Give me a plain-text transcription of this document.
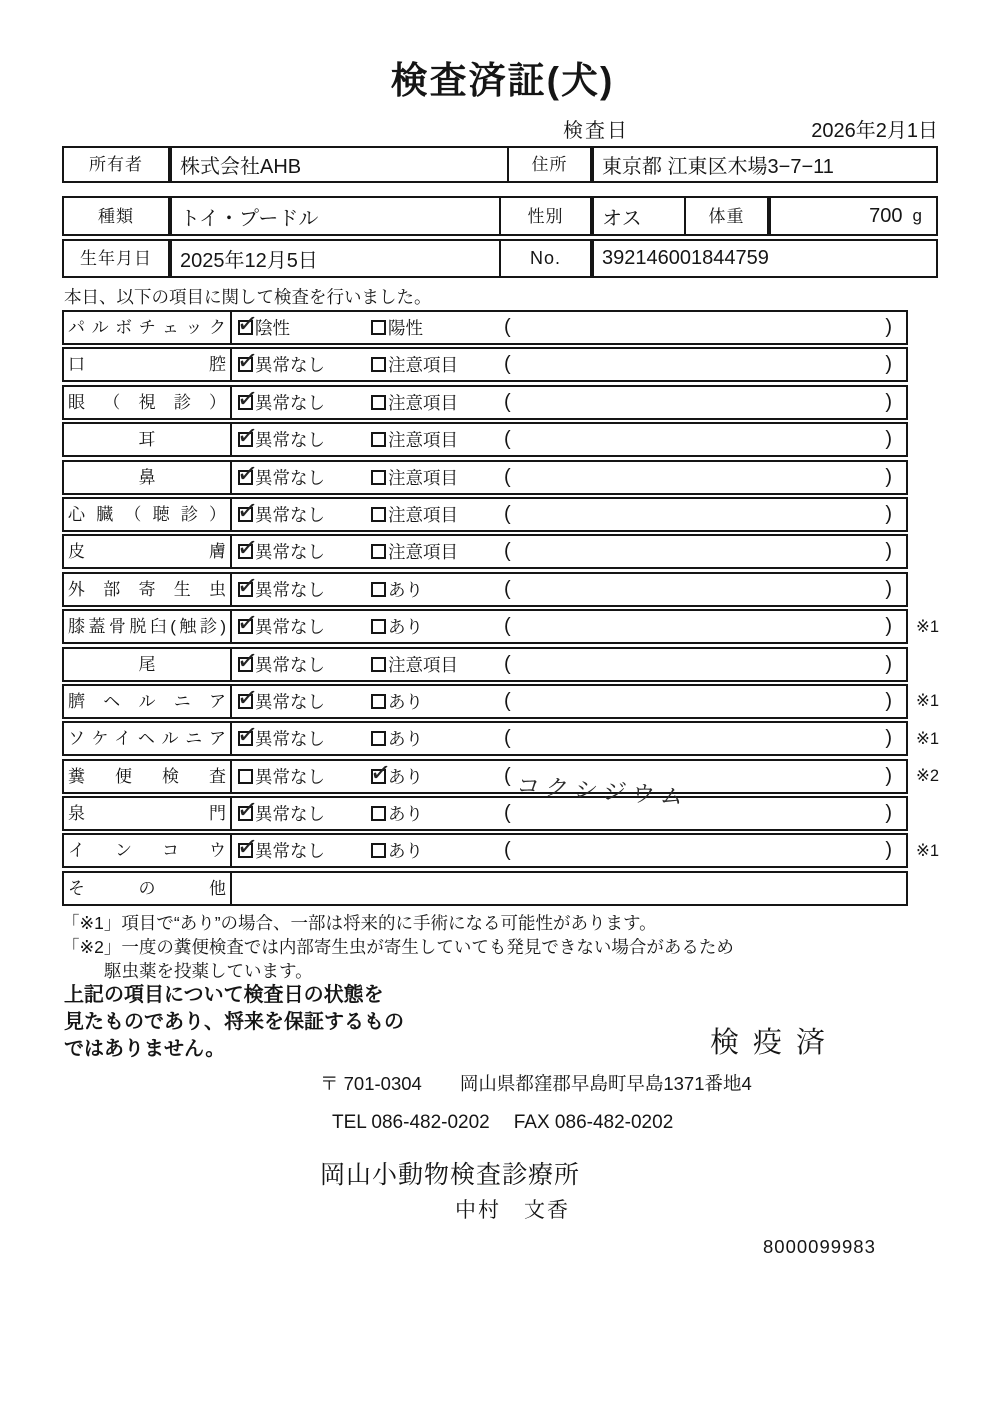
検査済証(犬)
検査日	2026年2月1日
所有者	株式会社AHB	住所	東京都 江東区木場3−7−11
種類	トイ・プードル	性別	オス	体重	700 g
生年月日	2025年12月5日	No.	392146001844759
本日、以下の項目に関して検査を行いました。
パルボチェック ✓	陰性	陽性	(	)
口腔 ✓	異常なし	注意項目 (	)
眼（視診） ✓	異常なし	注意項目 (	)
耳 ✓	異常なし	注意項目 (	)
鼻 ✓	異常なし	注意項目 (	)
心臓（聴診） ✓	異常なし	注意項目 (	)
皮膚 ✓	異常なし	注意項目 (	)
外部寄生虫 ✓	異常なし	あり	(	)
膝蓋骨脱臼(触診) ✓	異常なし	あり	(	) ※1
尾 ✓	異常なし	注意項目 (	)
臍ヘルニア ✓	異常なし	あり	(	) ※1
ソケイヘルニア ✓	異常なし	あり	(	) ※1
糞便検査	異常なし ✓	あり	( コクシジウム	) ※2
泉門 ✓	異常なし	あり	(	)
インコウ ✓	異常なし	あり	(	) ※1
その他
「※1」項目で“あり”の場合、一部は将来的に手術になる可能性があります。
「※2」一度の糞便検査では内部寄生虫が寄生していても発見できない場合があるため
駆虫薬を投薬しています。
上記の項目について検査日の状態を
見たものであり、将来を保証するもの
ではありません。	検疫済
〒 701-0304 岡山県都窪郡早島町早島1371番地4
TEL 086-482-0202 FAX 086-482-0202
岡山小動物検査診療所
中村　文香
8000099983
